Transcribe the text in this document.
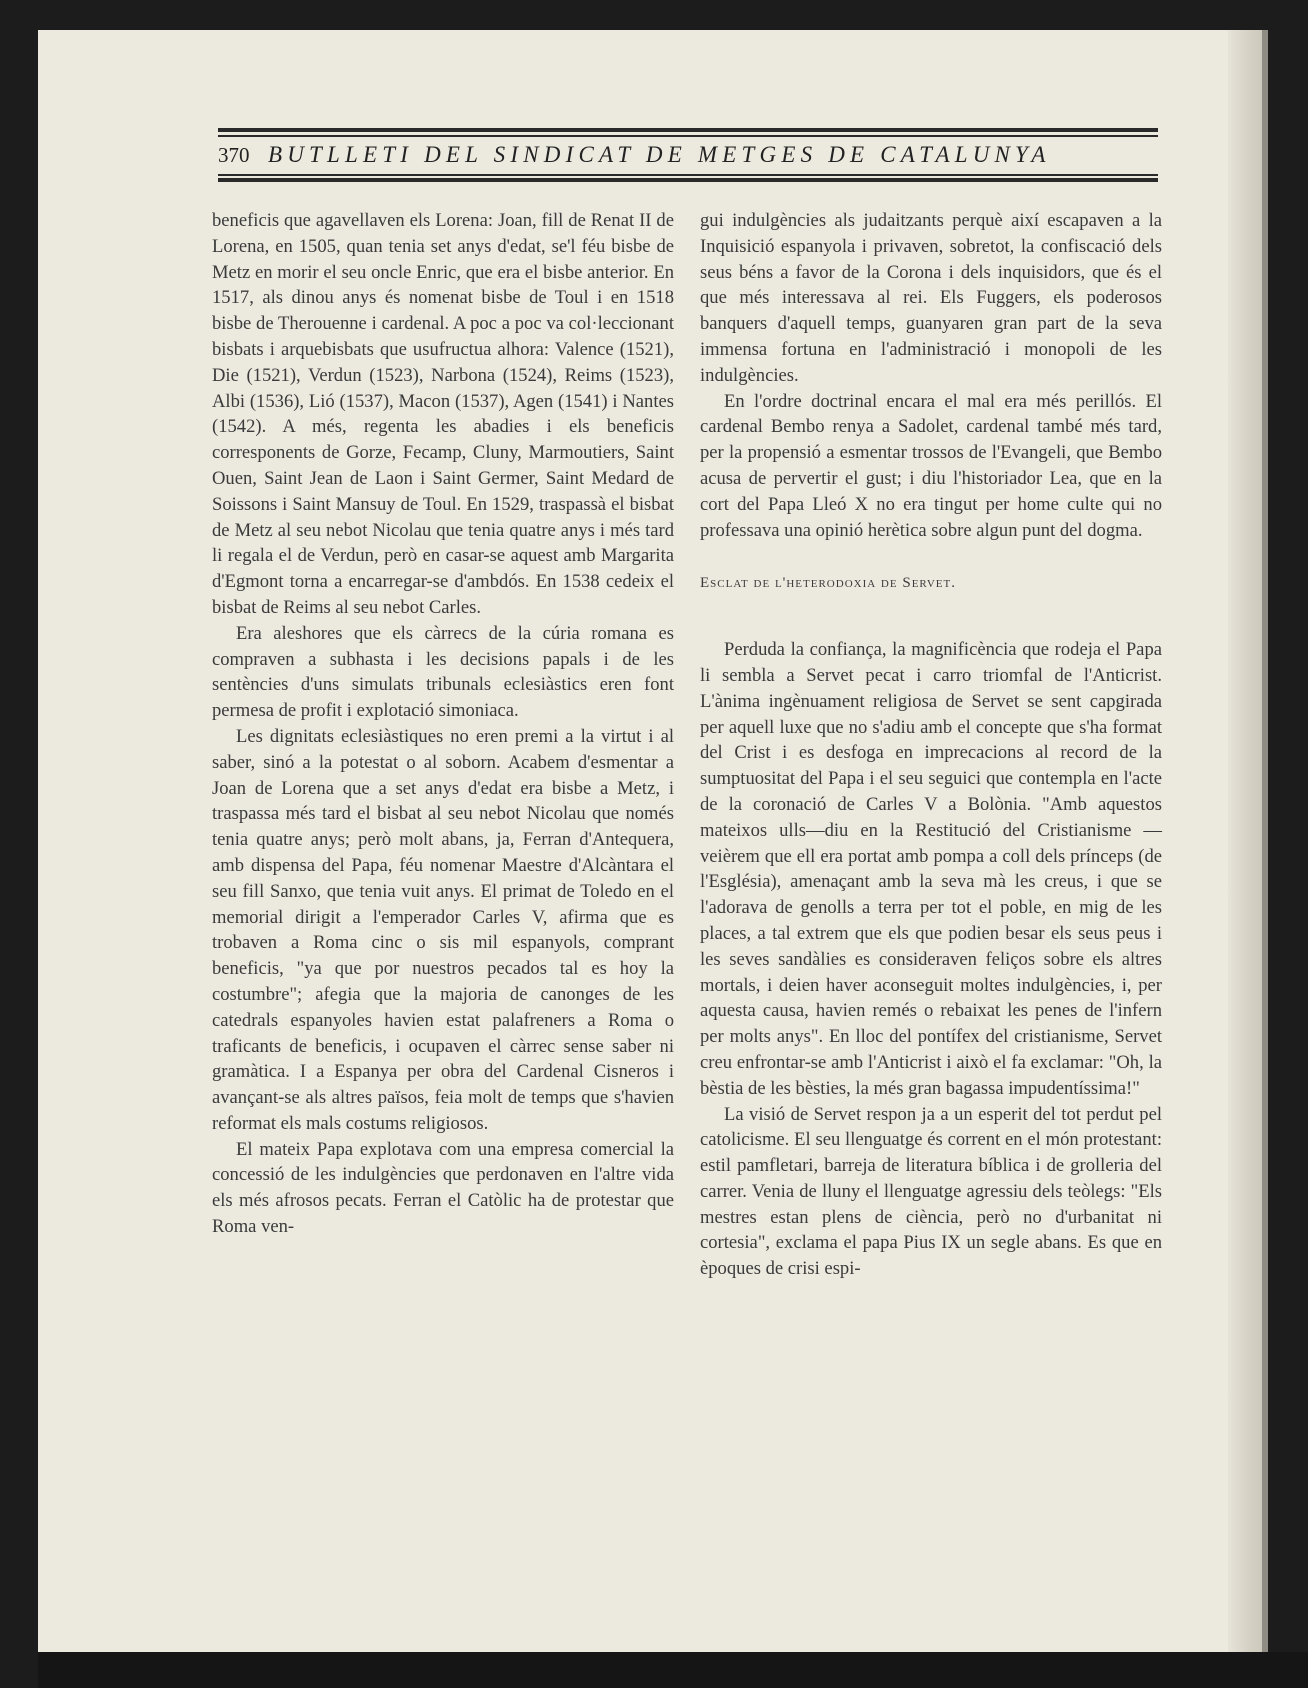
370 BUTLLETI DEL SINDICAT DE METGES DE CATALUNYA

beneficis que agavellaven els Lorena: Joan, fill de Renat II de Lorena, en 1505, quan tenia set anys d'edat, se'l féu bisbe de Metz en morir el seu oncle Enric, que era el bisbe anterior. En 1517, als dinou anys és nomenat bisbe de Toul i en 1518 bisbe de Therouenne i cardenal. A poc a poc va col·leccionant bisbats i arquebisbats que usufructua alhora: Valence (1521), Die (1521), Verdun (1523), Narbona (1524), Reims (1523), Albi (1536), Lió (1537), Macon (1537), Agen (1541) i Nantes (1542). A més, regenta les abadies i els beneficis corresponents de Gorze, Fecamp, Cluny, Marmoutiers, Saint Ouen, Saint Jean de Laon i Saint Germer, Saint Medard de Soissons i Saint Mansuy de Toul. En 1529, traspassà el bisbat de Metz al seu nebot Nicolau que tenia quatre anys i més tard li regala el de Verdun, però en casar-se aquest amb Margarita d'Egmont torna a encarregar-se d'ambdós. En 1538 cedeix el bisbat de Reims al seu nebot Carles.

Era aleshores que els càrrecs de la cúria romana es compraven a subhasta i les decisions papals i de les sentències d'uns simulats tribunals eclesiàstics eren font permesa de profit i explotació simoniaca.

Les dignitats eclesiàstiques no eren premi a la virtut i al saber, sinó a la potestat o al soborn. Acabem d'esmentar a Joan de Lorena que a set anys d'edat era bisbe a Metz, i traspassa més tard el bisbat al seu nebot Nicolau que només tenia quatre anys; però molt abans, ja, Ferran d'Antequera, amb dispensa del Papa, féu nomenar Maestre d'Alcàntara el seu fill Sanxo, que tenia vuit anys. El primat de Toledo en el memorial dirigit a l'emperador Carles V, afirma que es trobaven a Roma cinc o sis mil espanyols, comprant beneficis, "ya que por nuestros pecados tal es hoy la costumbre"; afegia que la majoria de canonges de les catedrals espanyoles havien estat palafreners a Roma o traficants de beneficis, i ocupaven el càrrec sense saber ni gramàtica. I a Espanya per obra del Cardenal Cisneros i avançant-se als altres països, feia molt de temps que s'havien reformat els mals costums religiosos.

El mateix Papa explotava com una empresa comercial la concessió de les indulgències que perdonaven en l'altre vida els més afrosos pecats. Ferran el Catòlic ha de protestar que Roma ven-

gui indulgències als judaitzants perquè així escapaven a la Inquisició espanyola i privaven, sobretot, la confiscació dels seus béns a favor de la Corona i dels inquisidors, que és el que més interessava al rei. Els Fuggers, els poderosos banquers d'aquell temps, guanyaren gran part de la seva immensa fortuna en l'administració i monopoli de les indulgències.

En l'ordre doctrinal encara el mal era més perillós. El cardenal Bembo renya a Sadolet, cardenal també més tard, per la propensió a esmentar trossos de l'Evangeli, que Bembo acusa de pervertir el gust; i diu l'historiador Lea, que en la cort del Papa Lleó X no era tingut per home culte qui no professava una opinió herètica sobre algun punt del dogma.

Esclat de l'heterodoxia de Servet.

Perduda la confiança, la magnificència que rodeja el Papa li sembla a Servet pecat i carro triomfal de l'Anticrist. L'ànima ingènuament religiosa de Servet se sent capgirada per aquell luxe que no s'adiu amb el concepte que s'ha format del Crist i es desfoga en imprecacions al record de la sumptuositat del Papa i el seu seguici que contempla en l'acte de la coronació de Carles V a Bolònia. "Amb aquestos mateixos ulls—diu en la Restitució del Cristianisme — veièrem que ell era portat amb pompa a coll dels prínceps (de l'Església), amenaçant amb la seva mà les creus, i que se l'adorava de genolls a terra per tot el poble, en mig de les places, a tal extrem que els que podien besar els seus peus i les seves sandàlies es consideraven feliços sobre els altres mortals, i deien haver aconseguit moltes indulgències, i, per aquesta causa, havien remés o rebaixat les penes de l'infern per molts anys". En lloc del pontífex del cristianisme, Servet creu enfrontar-se amb l'Anticrist i això el fa exclamar: "Oh, la bèstia de les bèsties, la més gran bagassa impudentíssima!"

La visió de Servet respon ja a un esperit del tot perdut pel catolicisme. El seu llenguatge és corrent en el món protestant: estil pamfletari, barreja de literatura bíblica i de grolleria del carrer. Venia de lluny el llenguatge agressiu dels teòlegs: "Els mestres estan plens de ciència, però no d'urbanitat ni cortesia", exclama el papa Pius IX un segle abans. Es que en èpoques de crisi espi-
